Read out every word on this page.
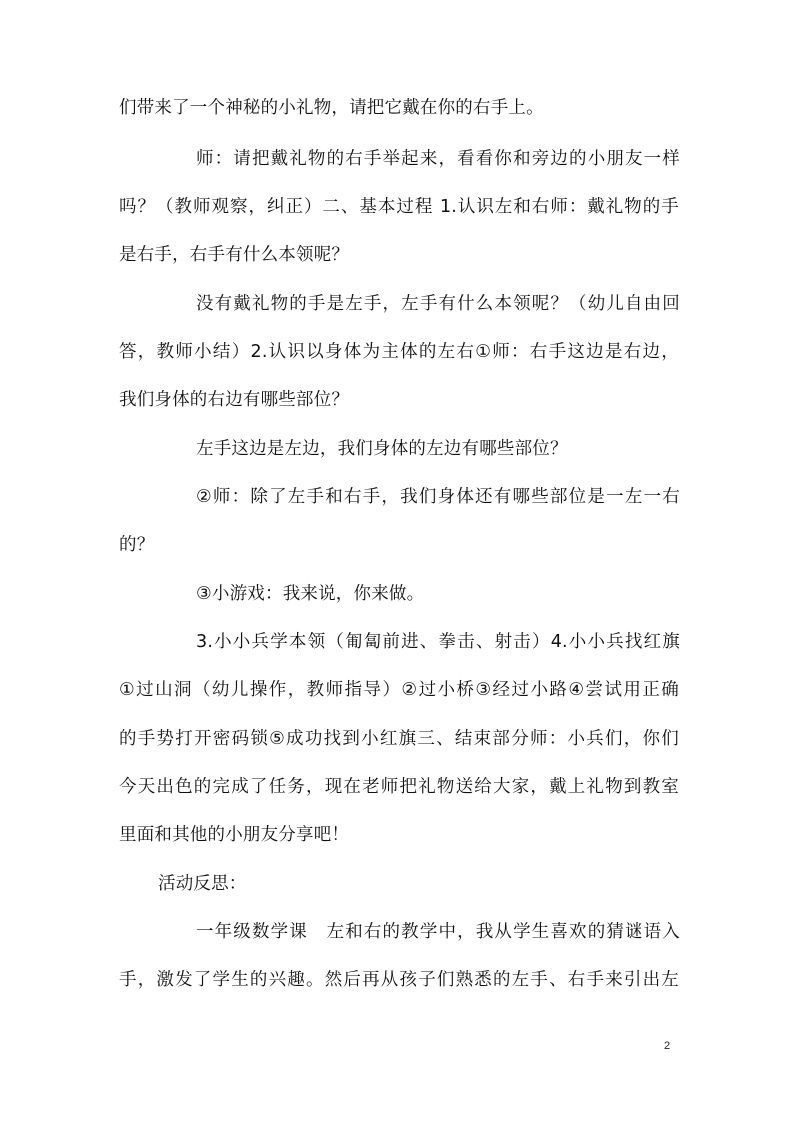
们带来了一个神秘的小礼物，请把它戴在你的右手上。
师：请把戴礼物的右手举起来，看看你和旁边的小朋友一样
吗？（教师观察，纠正）二、基本过程 1.认识左和右师：戴礼物的手
是右手，右手有什么本领呢？
没有戴礼物的手是左手，左手有什么本领呢？（幼儿自由回
答，教师小结）2.认识以身体为主体的左右①师：右手这边是右边，
我们身体的右边有哪些部位？
左手这边是左边，我们身体的左边有哪些部位？
②师：除了左手和右手，我们身体还有哪些部位是一左一右
的？
③小游戏：我来说，你来做。
3.小小兵学本领（匍匐前进、拳击、射击）4.小小兵找红旗
①过山洞（幼儿操作，教师指导）②过小桥③经过小路④尝试用正确
的手势打开密码锁⑤成功找到小红旗三、结束部分师：小兵们，你们
今天出色的完成了任务，现在老师把礼物送给大家，戴上礼物到教室
里面和其他的小朋友分享吧！
活动反思：
一年级数学课　左和右的教学中，我从学生喜欢的猜谜语入
手，激发了学生的兴趣。然后再从孩子们熟悉的左手、右手来引出左
2
